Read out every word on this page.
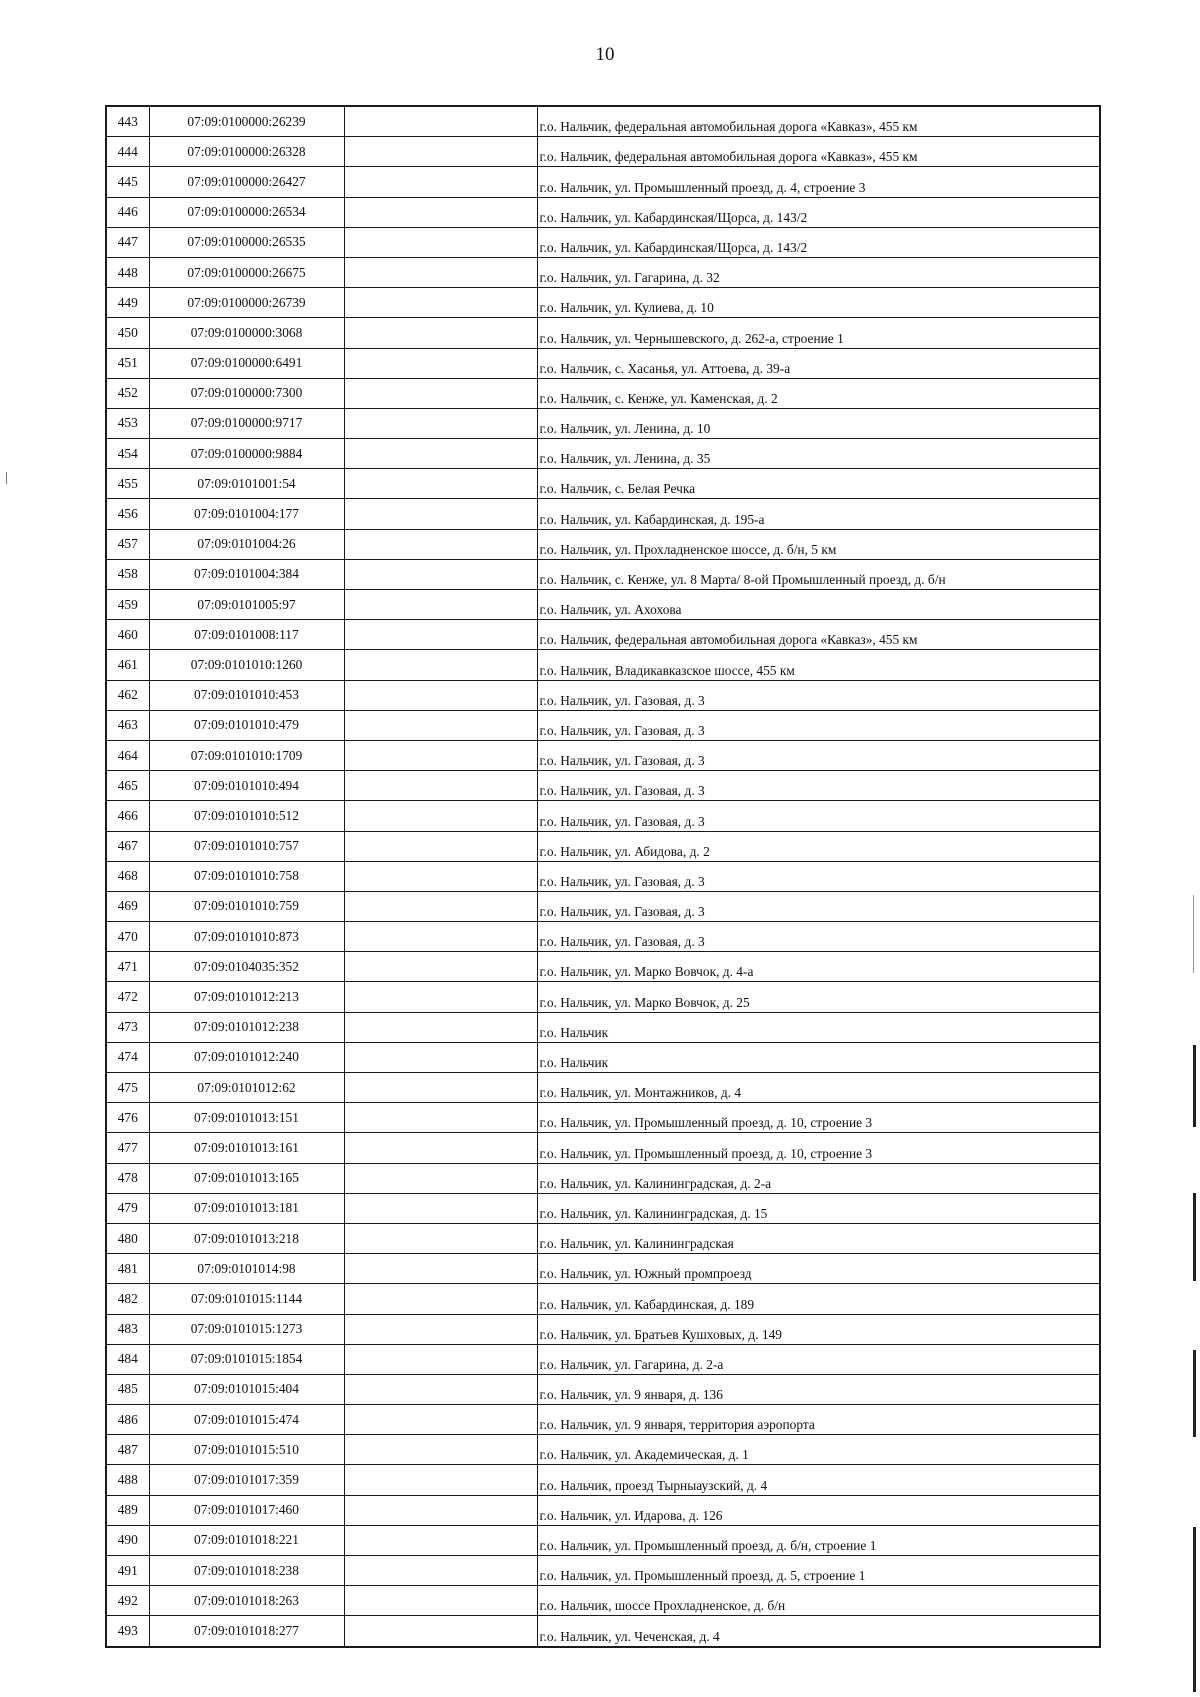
10
443	07:09:0100000:26239		г.о. Нальчик, федеральная автомобильная дорога «Кавказ», 455 км
444	07:09:0100000:26328		г.о. Нальчик, федеральная автомобильная дорога «Кавказ», 455 км
445	07:09:0100000:26427		г.о. Нальчик, ул. Промышленный проезд, д. 4, строение 3
446	07:09:0100000:26534		г.о. Нальчик, ул. Кабардинская/Щорса, д. 143/2
447	07:09:0100000:26535		г.о. Нальчик, ул. Кабардинская/Щорса, д. 143/2
448	07:09:0100000:26675		г.о. Нальчик, ул. Гагарина, д. 32
449	07:09:0100000:26739		г.о. Нальчик, ул. Кулиева, д. 10
450	07:09:0100000:3068		г.о. Нальчик, ул. Чернышевского, д. 262-а, строение 1
451	07:09:0100000:6491		г.о. Нальчик, с. Хасанья, ул. Аттоева, д. 39-а
452	07:09:0100000:7300		г.о. Нальчик, с. Кенже, ул. Каменская, д. 2
453	07:09:0100000:9717		г.о. Нальчик, ул. Ленина, д. 10
454	07:09:0100000:9884		г.о. Нальчик, ул. Ленина, д. 35
455	07:09:0101001:54		г.о. Нальчик, с. Белая Речка
456	07:09:0101004:177		г.о. Нальчик, ул. Кабардинская, д. 195-а
457	07:09:0101004:26		г.о. Нальчик, ул. Прохладненское шоссе, д. б/н, 5 км
458	07:09:0101004:384		г.о. Нальчик, с. Кенже, ул. 8 Марта/ 8-ой Промышленный проезд, д. б/н
459	07:09:0101005:97		г.о. Нальчик, ул. Ахохова
460	07:09:0101008:117		г.о. Нальчик, федеральная автомобильная дорога «Кавказ», 455 км
461	07:09:0101010:1260		г.о. Нальчик, Владикавказское шоссе, 455 км
462	07:09:0101010:453		г.о. Нальчик, ул. Газовая, д. 3
463	07:09:0101010:479		г.о. Нальчик, ул. Газовая, д. 3
464	07:09:0101010:1709		г.о. Нальчик, ул. Газовая, д. 3
465	07:09:0101010:494		г.о. Нальчик, ул. Газовая, д. 3
466	07:09:0101010:512		г.о. Нальчик, ул. Газовая, д. 3
467	07:09:0101010:757		г.о. Нальчик, ул. Абидова, д. 2
468	07:09:0101010:758		г.о. Нальчик, ул. Газовая, д. 3
469	07:09:0101010:759		г.о. Нальчик, ул. Газовая, д. 3
470	07:09:0101010:873		г.о. Нальчик, ул. Газовая, д. 3
471	07:09:0104035:352		г.о. Нальчик, ул. Марко Вовчок, д. 4-а
472	07:09:0101012:213		г.о. Нальчик, ул. Марко Вовчок, д. 25
473	07:09:0101012:238		г.о. Нальчик
474	07:09:0101012:240		г.о. Нальчик
475	07:09:0101012:62		г.о. Нальчик, ул. Монтажников, д. 4
476	07:09:0101013:151		г.о. Нальчик, ул. Промышленный проезд, д. 10, строение 3
477	07:09:0101013:161		г.о. Нальчик, ул. Промышленный проезд, д. 10, строение 3
478	07:09:0101013:165		г.о. Нальчик, ул. Калининградская, д. 2-а
479	07:09:0101013:181		г.о. Нальчик, ул. Калининградская, д. 15
480	07:09:0101013:218		г.о. Нальчик, ул. Калининградская
481	07:09:0101014:98		г.о. Нальчик, ул. Южный промпроезд
482	07:09:0101015:1144		г.о. Нальчик, ул. Кабардинская, д. 189
483	07:09:0101015:1273		г.о. Нальчик, ул. Братьев Кушховых, д. 149
484	07:09:0101015:1854		г.о. Нальчик, ул. Гагарина, д. 2-а
485	07:09:0101015:404		г.о. Нальчик, ул. 9 января, д. 136
486	07:09:0101015:474		г.о. Нальчик, ул. 9 января, территория аэропорта
487	07:09:0101015:510		г.о. Нальчик, ул. Академическая, д. 1
488	07:09:0101017:359		г.о. Нальчик, проезд Тырныаузский, д. 4
489	07:09:0101017:460		г.о. Нальчик, ул. Идарова, д. 126
490	07:09:0101018:221		г.о. Нальчик, ул. Промышленный проезд, д. б/н, строение 1
491	07:09:0101018:238		г.о. Нальчик, ул. Промышленный проезд, д. 5, строение 1
492	07:09:0101018:263		г.о. Нальчик, шоссе Прохладненское, д. б/н
493	07:09:0101018:277		г.о. Нальчик, ул. Чеченская, д. 4
